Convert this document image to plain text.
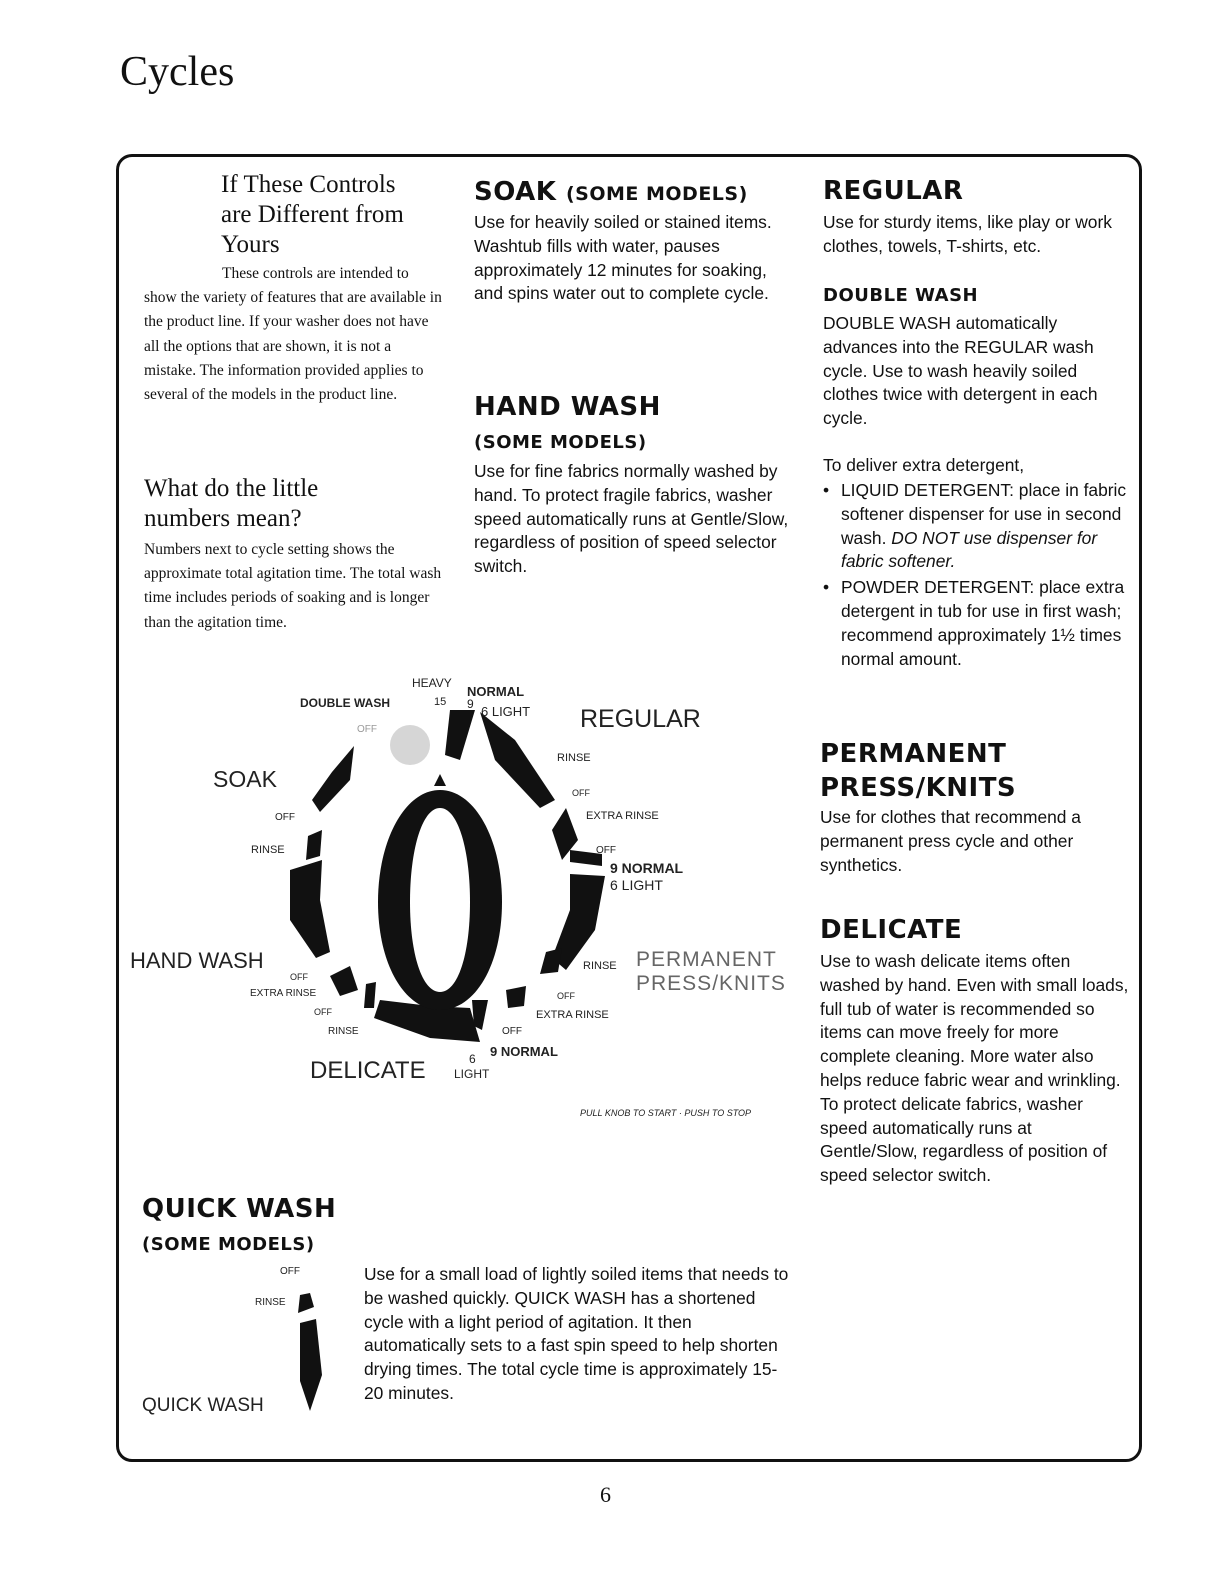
Cycles
If These Controls
are Different from
Yours
These controls are intended to show the variety of features that are available in the product line. If your washer does not have all the options that are shown, it is not a mistake. The information provided applies to several of the models in the product line.
What do the little
numbers mean?
Numbers next to cycle setting shows the approximate total agitation time. The total wash time includes periods of soaking and is longer than the agitation time.
SOAK (SOME MODELS)
Use for heavily soiled or stained items. Washtub fills with water, pauses approximately 12 minutes for soaking, and spins water out to complete cycle.
HAND WASH
(SOME MODELS)
Use for fine fabrics normally washed by hand. To protect fragile fabrics, washer speed automatically runs at Gentle/Slow, regardless of position of speed selector switch.
REGULAR
Use for sturdy items, like play or work clothes, towels, T-shirts, etc.
DOUBLE WASH
DOUBLE WASH automatically advances into the REGULAR wash cycle. Use to wash heavily soiled clothes twice with detergent in each cycle.
To deliver extra detergent,
• LIQUID DETERGENT: place in fabric softener dispenser for use in second wash. DO NOT use dispenser for fabric softener.
• POWDER DETERGENT: place extra detergent in tub for use in first wash; recommend approximately 1½ times normal amount.
PERMANENT
PRESS/KNITS
Use for clothes that recommend a permanent press cycle and other synthetics.
DELICATE
Use to wash delicate items often washed by hand. Even with small loads, full tub of water is recommended so items can move freely for more complete cleaning. More water also helps reduce fabric wear and wrinkling. To protect delicate fabrics, washer speed automatically runs at Gentle/Slow, regardless of position of speed selector switch.
QUICK WASH
(SOME MODELS)
Use for a small load of lightly soiled items that needs to be washed quickly. QUICK WASH has a shortened cycle with a light period of agitation. It then automatically sets to a fast spin speed to help shorten drying times. The total cycle time is approximately 15-20 minutes.
OFF
RINSE
QUICK WASH
HEAVY
NORMAL
DOUBLE WASH	15 9 6 LIGHT
OFF	REGULAR
SOAK
RINSE
OFF
EXTRA RINSE
OFF
OFF
RINSE
9 NORMAL
6 LIGHT
HAND WASH	PERMANENT
PRESS/KNITS
RINSE
OFF
EXTRA RINSE	OFF
OFF	EXTRA RINSE
RINSE	OFF
9 NORMAL
6
DELICATE LIGHT
PULL KNOB TO START · PUSH TO STOP
6
